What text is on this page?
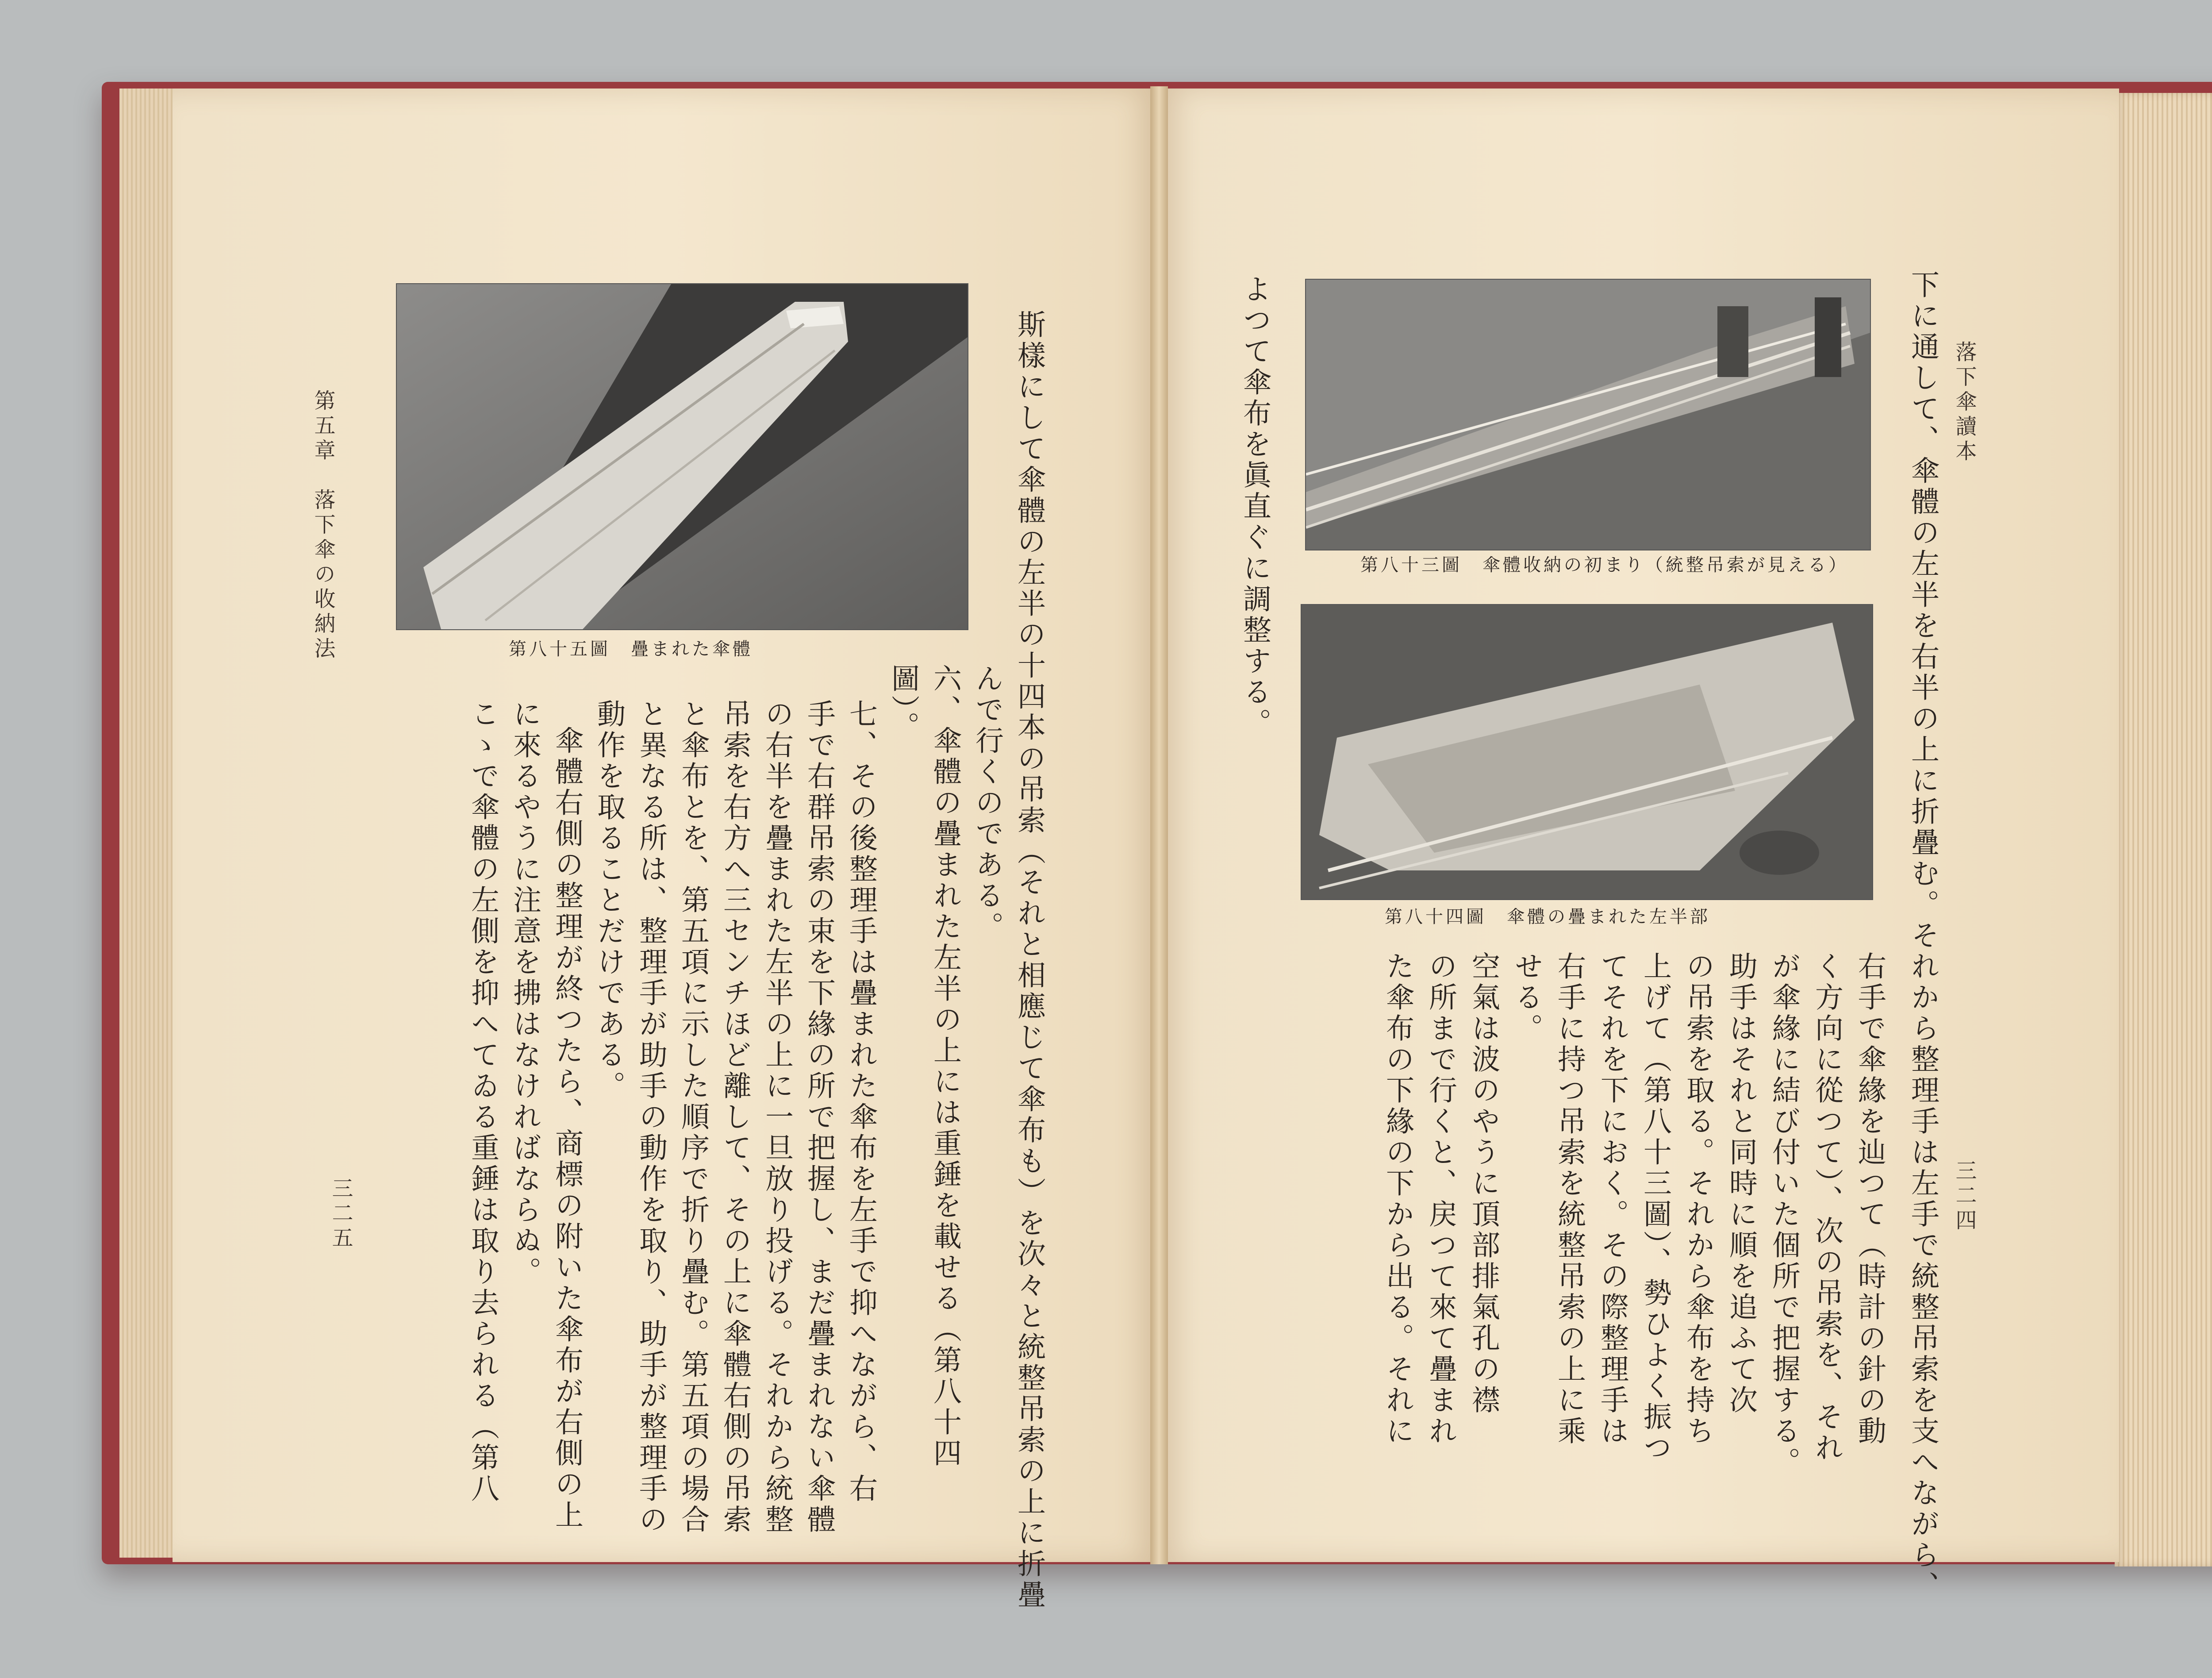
第五章　落下傘の收納法
三二五
第八十五圖　疊まれた傘體	斯樣にして傘體の左半の十四本の吊索（それと相應じて傘布も）を次々と統整吊索の上に折疊
んで行くのである。
六、傘體の疊まれた左半の上には重錘を載せる（第八十四
圖）。
七、その後整理手は疊まれた傘布を左手で抑へながら、右
手で右群吊索の束を下緣の所で把握し、まだ疊まれない傘體
の右半を疊まれた左半の上に一旦放り投げる。それから統整
吊索を右方へ三センチほど離して、その上に傘體右側の吊索
と傘布とを、第五項に示した順序で折り疊む。第五項の場合
と異なる所は、整理手が助手の動作を取り、助手が整理手の
動作を取ることだけである。
傘體右側の整理が終つたら、商標の附いた傘布が右側の上
に來るやうに注意を拂はなければならぬ。
こゝで傘體の左側を抑へてゐる重錘は取り去られる（第八
落下傘讀本
三二四
下に通して、傘體の左半を右半の上に折疊む。それから整理手は左手で統整吊索を支へながら、
よつて傘布を眞直ぐに調整する。	第八十三圖　傘體收納の初まり（統整吊索が見える）
第八十四圖　傘體の疊まれた左半部
右手で傘緣を辿つて（時計の針の動
く方向に從つて）、次の吊索を、それ
が傘緣に結び付いた個所で把握する。
助手はそれと同時に順を追ふて次
の吊索を取る。それから傘布を持ち
上げて（第八十三圖）、勢ひよく振つ
てそれを下におく。その際整理手は
右手に持つ吊索を統整吊索の上に乘
せる。
空氣は波のやうに頂部排氣孔の襟
の所まで行くと、戻つて來て疊まれ
た傘布の下緣の下から出る。それに
